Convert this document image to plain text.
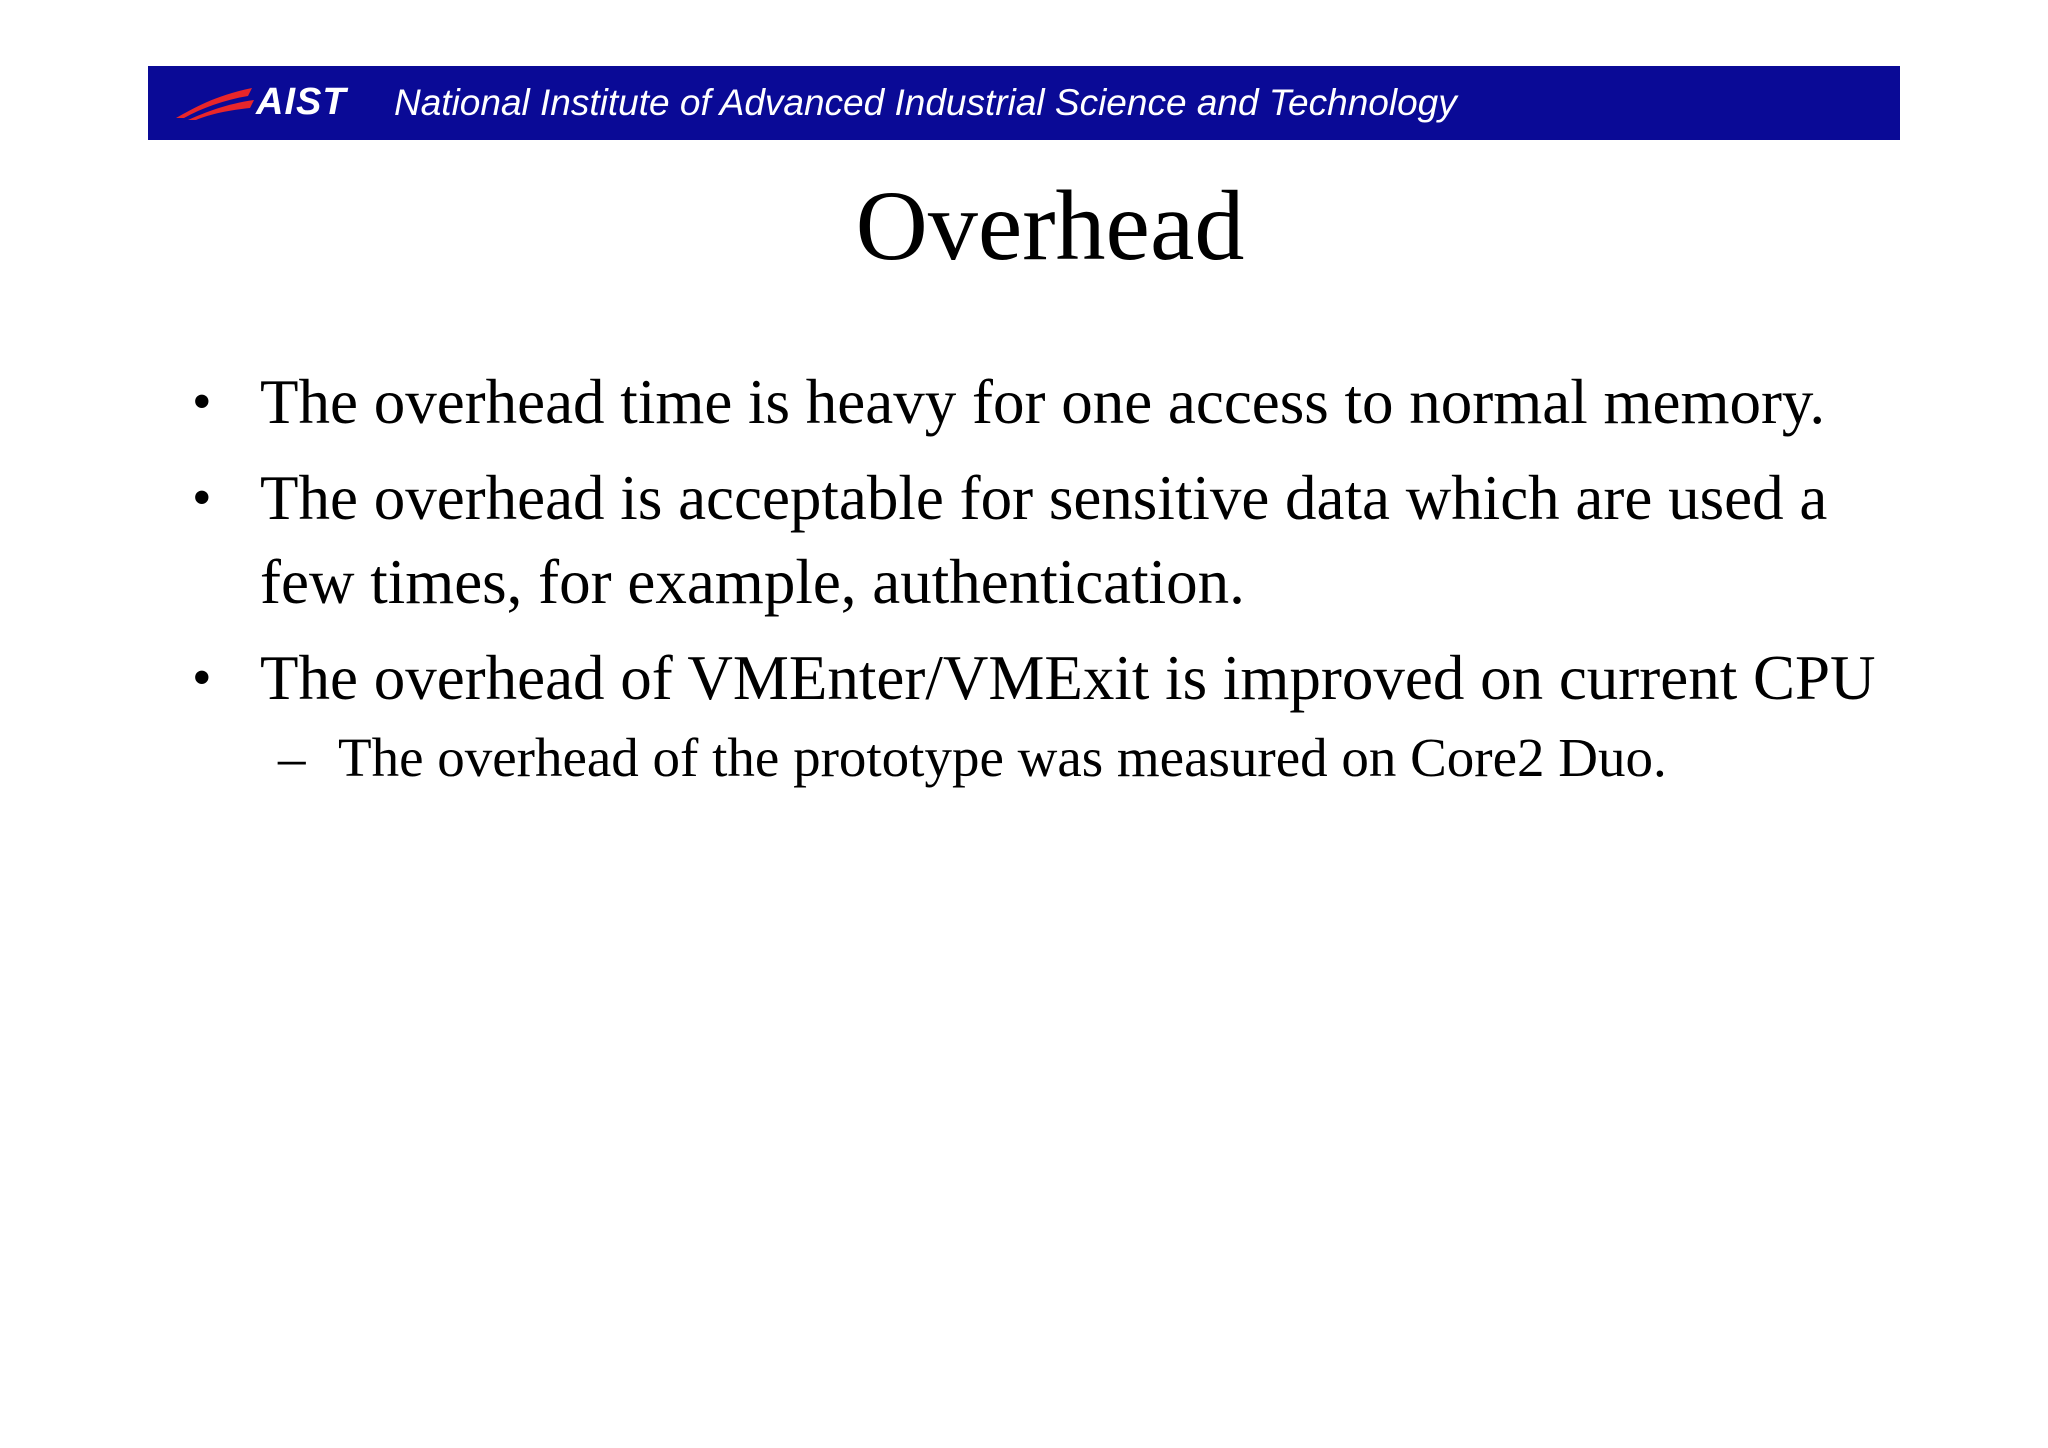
AIST National Institute of Advanced Industrial Science and Technology
Overhead
• The overhead time is heavy for one access to normal memory.
• The overhead is acceptable for sensitive data which are used a few times, for example, authentication.
• The overhead of VMEnter/VMExit is improved on current CPU
– The overhead of the prototype was measured on Core2 Duo.
